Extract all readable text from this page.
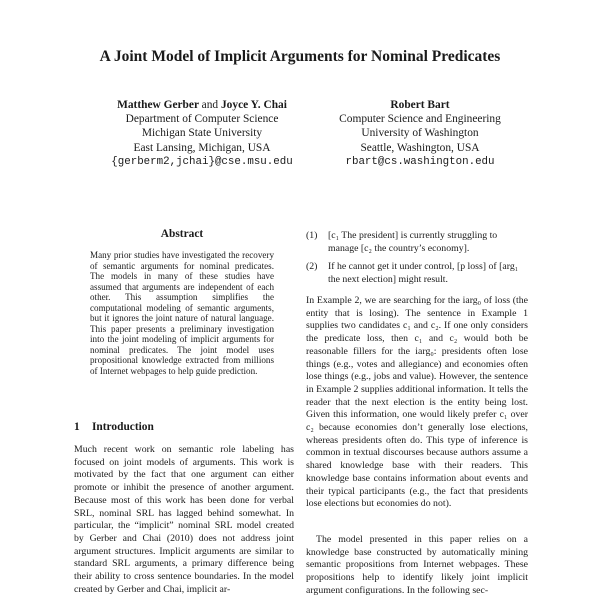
A Joint Model of Implicit Arguments for Nominal Predicates
Matthew Gerber and Joyce Y. Chai
Department of Computer Science
Michigan State University
East Lansing, Michigan, USA
{gerberm2,jchai}@cse.msu.edu
Robert Bart
Computer Science and Engineering
University of Washington
Seattle, Washington, USA
rbart@cs.washington.edu
Abstract

Many prior studies have investigated the recovery of semantic arguments for nominal predicates. The models in many of these studies have assumed that arguments are independent of each other. This assumption simplifies the computational modeling of semantic arguments, but it ignores the joint nature of natural language. This paper presents a preliminary investigation into the joint modeling of implicit arguments for nominal predicates. The joint model uses propositional knowledge extracted from millions of Internet webpages to help guide prediction.

1 Introduction

Much recent work on semantic role labeling has focused on joint models of arguments. This work is motivated by the fact that one argument can either promote or inhibit the presence of another argument. Because most of this work has been done for verbal SRL, nominal SRL has lagged behind somewhat. In particular, the “implicit” nominal SRL model created by Gerber and Chai (2010) does not address joint argument structures. Implicit arguments are similar to standard SRL arguments, a primary difference being their ability to cross sentence boundaries. In the model created by Gerber and Chai, implicit ar-

(1) [c₁ The president] is currently struggling to manage [c₂ the country’s economy].
(2) If he cannot get it under control, [p loss] of [arg₁ the next election] might result.

In Example 2, we are searching for the iarg₀ of loss (the entity that is losing). The sentence in Example 1 supplies two candidates c₁ and c₂. If one only considers the predicate loss, then c₁ and c₂ would both be reasonable fillers for the iarg₀: presidents often lose things (e.g., votes and allegiance) and economies often lose things (e.g., jobs and value). However, the sentence in Example 2 supplies additional information. It tells the reader that the next election is the entity being lost. Given this information, one would likely prefer c₁ over c₂ because economies don’t generally lose elections, whereas presidents often do. This type of inference is common in textual discourses because authors assume a shared knowledge base with their readers. This knowledge base contains information about events and their typical participants (e.g., the fact that presidents lose elections but economies do not).

The model presented in this paper relies on a knowledge base constructed by automatically mining semantic propositions from Internet webpages. These propositions help to identify likely joint implicit argument configurations. In the following sec-
